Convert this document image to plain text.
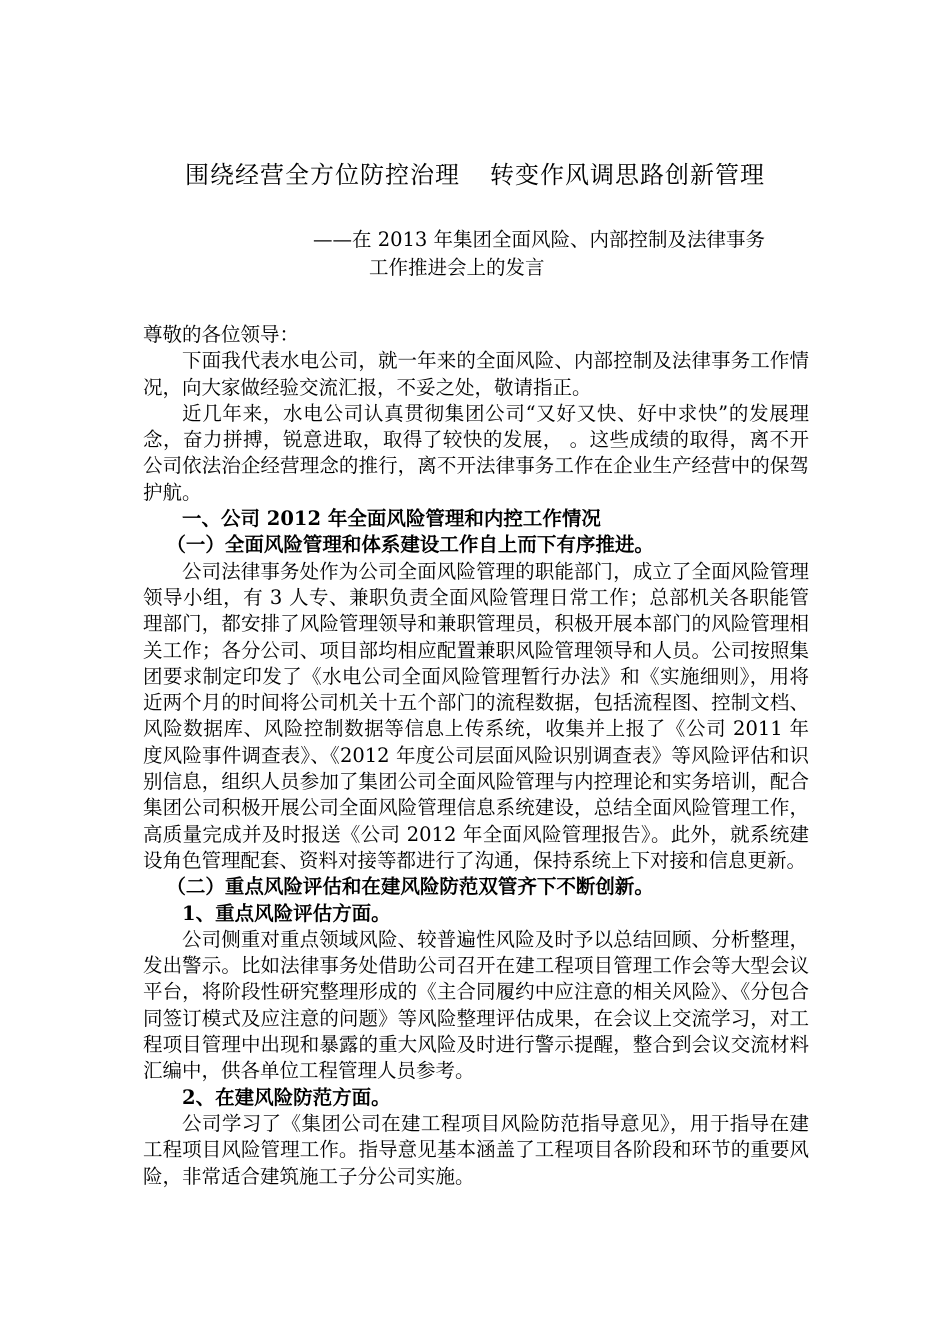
围绕经营全方位防控治理 转变作风调思路创新管理
——在 2013 年集团全面风险、内部控制及法律事务
工作推进会上的发言

尊敬的各位领导：

下面我代表水电公司，就一年来的全面风险、内部控制及法律事务工作情况，向大家做经验交流汇报，不妥之处，敬请指正。

近几年来，水电公司认真贯彻集团公司“又好又快、好中求快”的发展理念，奋力拼搏，锐意进取，取得了较快的发展， 。这些成绩的取得，离不开公司依法治企经营理念的推行，离不开法律事务工作在企业生产经营中的保驾护航。

一、公司 2012 年全面风险管理和内控工作情况

（一）全面风险管理和体系建设工作自上而下有序推进。

公司法律事务处作为公司全面风险管理的职能部门，成立了全面风险管理领导小组，有 3 人专、兼职负责全面风险管理日常工作；总部机关各职能管理部门，都安排了风险管理领导和兼职管理员，积极开展本部门的风险管理相关工作；各分公司、项目部均相应配置兼职风险管理领导和人员。公司按照集团要求制定印发了《水电公司全面风险管理暂行办法》和《实施细则》，用将近两个月的时间将公司机关十五个部门的流程数据，包括流程图、控制文档、风险数据库、风险控制数据等信息上传系统，收集并上报了《公司 2011 年度风险事件调查表》、《2012 年度公司层面风险识别调查表》等风险评估和识别信息，组织人员参加了集团公司全面风险管理与内控理论和实务培训，配合集团公司积极开展公司全面风险管理信息系统建设，总结全面风险管理工作，高质量完成并及时报送《公司 2012 年全面风险管理报告》。此外，就系统建设角色管理配套、资料对接等都进行了沟通，保持系统上下对接和信息更新。

（二）重点风险评估和在建风险防范双管齐下不断创新。

1、重点风险评估方面。

公司侧重对重点领域风险、较普遍性风险及时予以总结回顾、分析整理，发出警示。比如法律事务处借助公司召开在建工程项目管理工作会等大型会议平台，将阶段性研究整理形成的《主合同履约中应注意的相关风险》、《分包合同签订模式及应注意的问题》等风险整理评估成果，在会议上交流学习，对工程项目管理中出现和暴露的重大风险及时进行警示提醒，整合到会议交流材料汇编中，供各单位工程管理人员参考。

2、在建风险防范方面。

公司学习了《集团公司在建工程项目风险防范指导意见》，用于指导在建工程项目风险管理工作。指导意见基本涵盖了工程项目各阶段和环节的重要风险，非常适合建筑施工子分公司实施。
